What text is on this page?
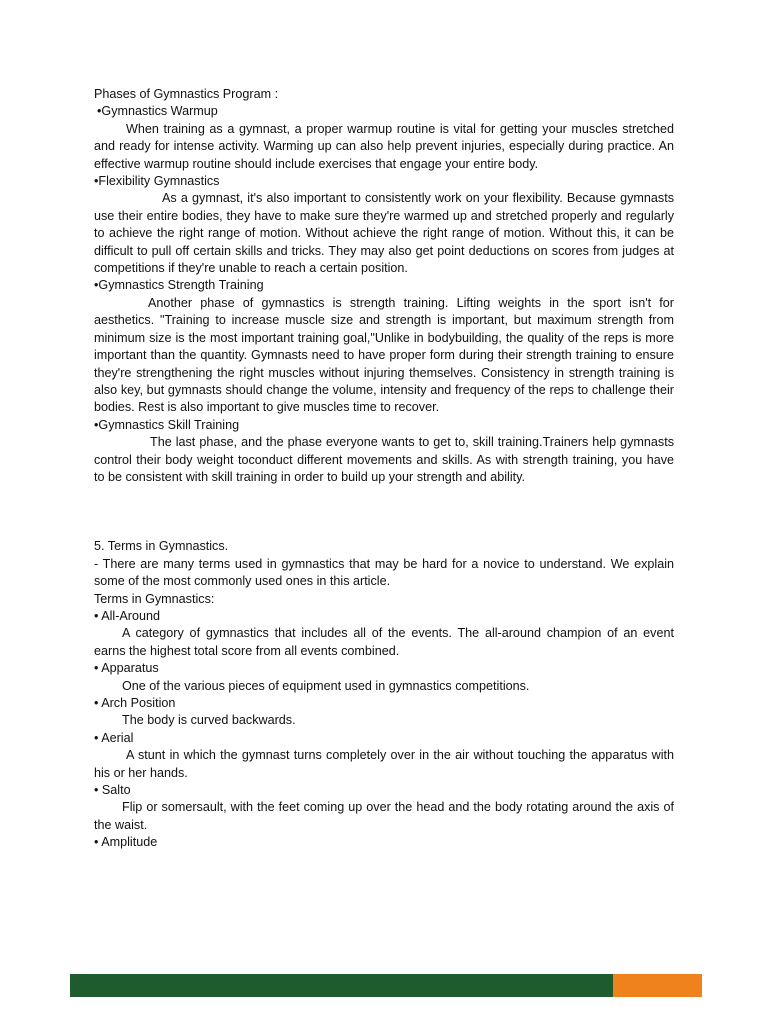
Phases of Gymnastics Program :

•Gymnastics Warmup

When training as a gymnast, a proper warmup routine is vital for getting your muscles stretched and ready for intense activity. Warming up can also help prevent injuries, especially during practice. An effective warmup routine should include exercises that engage your entire body.

•Flexibility Gymnastics

As a gymnast, it's also important to consistently work on your flexibility. Because gymnasts use their entire bodies, they have to make sure they're warmed up and stretched properly and regularly to achieve the right range of motion. Without achieve the right range of motion. Without this, it can be difficult to pull off certain skills and tricks. They may also get point deductions on scores from judges at competitions if they're unable to reach a certain position.

•Gymnastics Strength Training

Another phase of gymnastics is strength training. Lifting weights in the sport isn't for aesthetics. "Training to increase muscle size and strength is important, but maximum strength from minimum size is the most important training goal,"Unlike in bodybuilding, the quality of the reps is more important than the quantity. Gymnasts need to have proper form during their strength training to ensure they're strengthening the right muscles without injuring themselves. Consistency in strength training is also key, but gymnasts should change the volume, intensity and frequency of the reps to challenge their bodies. Rest is also important to give muscles time to recover.

•Gymnastics Skill Training

The last phase, and the phase everyone wants to get to, skill training.Trainers help gymnasts control their body weight toconduct different movements and skills. As with strength training, you have to be consistent with skill training in order to build up your strength and ability.

5. Terms in Gymnastics.

- There are many terms used in gymnastics that may be hard for a novice to understand. We explain some of the most commonly used ones in this article.

Terms in Gymnastics:

• All-Around

A category of gymnastics that includes all of the events. The all-around champion of an event earns the highest total score from all events combined.

• Apparatus

One of the various pieces of equipment used in gymnastics competitions.

• Arch Position

The body is curved backwards.

• Aerial

A stunt in which the gymnast turns completely over in the air without touching the apparatus with his or her hands.

• Salto

Flip or somersault, with the feet coming up over the head and the body rotating around the axis of the waist.

• Amplitude
